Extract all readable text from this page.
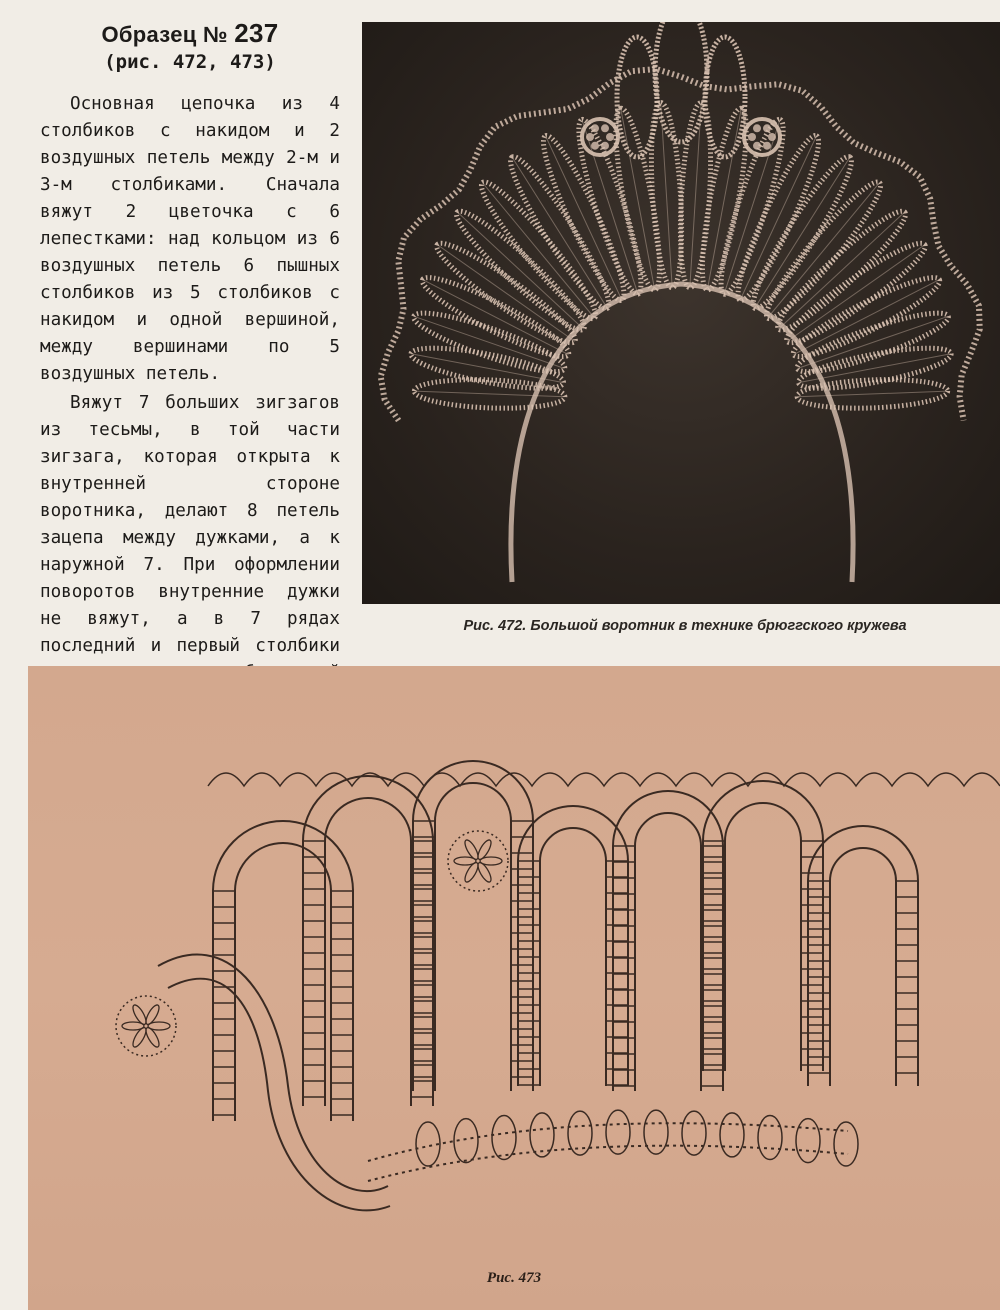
Образец № 237
(рис. 472, 473)

Основная цепочка из 4 столбиков с накидом и 2 воздушных петель между 2-м и 3-м столбиками. Сначала вяжут 2 цветочка с 6 лепестками: над кольцом из 6 воздушных петель 6 пышных столбиков из 5 столбиков с накидом и одной вершиной, между вершинами по 5 воздушных петель.

Вяжут 7 больших зигзагов из тесьмы, в той части зигзага, которая открыта к внутренней стороне воротника, делают 8 петель зацепа между дужками, а к наружной 7. При оформлении поворотов внутренние дужки не вяжут, а в 7 рядах последний и первый столбики

Рис. 472. Большой воротник в технике брюггского кружева
Рис. 473
